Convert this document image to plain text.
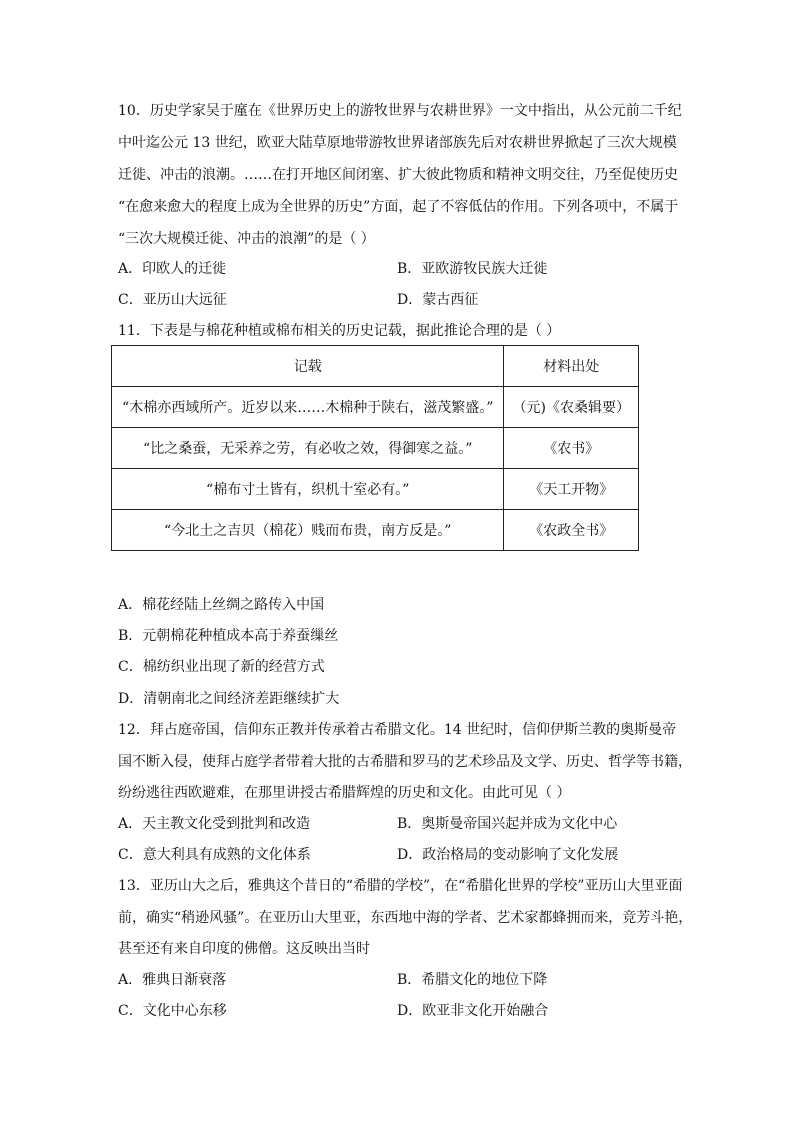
10．历史学家吴于廑在《世界历史上的游牧世界与农耕世界》一文中指出，从公元前二千纪
中叶迄公元 13 世纪，欧亚大陆草原地带游牧世界诸部族先后对农耕世界掀起了三次大规模
迁徙、冲击的浪潮。……在打开地区间闭塞、扩大彼此物质和精神文明交往，乃至促使历史
“在愈来愈大的程度上成为全世界的历史”方面，起了不容低估的作用。下列各项中，不属于
“三次大规模迁徙、冲击的浪潮”的是（ ）
A．印欧人的迁徙	B．亚欧游牧民族大迁徙
C．亚历山大远征	D．蒙古西征
11．下表是与棉花种植或棉布相关的历史记载，据此推论合理的是（ ）
记载	材料出处
“木棉亦西域所产。近岁以来……木棉种于陕右，滋茂繁盛。”	（元)《农桑辑要）
“比之桑蚕，无采养之劳，有必收之效，得御寒之益。”	《农书》
“棉布寸土皆有，织机十室必有。”	《天工开物》
“今北土之吉贝（棉花）贱而布贵，南方反是。”	《农政全书》
A．棉花经陆上丝绸之路传入中国
B．元朝棉花种植成本高于养蚕缫丝
C．棉纺织业出现了新的经营方式
D．清朝南北之间经济差距继续扩大
12．拜占庭帝国，信仰东正教并传承着古希腊文化。14 世纪时，信仰伊斯兰教的奥斯曼帝
国不断入侵，使拜占庭学者带着大批的古希腊和罗马的艺术珍品及文学、历史、哲学等书籍，
纷纷逃往西欧避难，在那里讲授古希腊辉煌的历史和文化。由此可见（ ）
A．天主教文化受到批判和改造	B．奥斯曼帝国兴起并成为文化中心
C．意大利具有成熟的文化体系	D．政治格局的变动影响了文化发展
13．亚历山大之后，雅典这个昔日的“希腊的学校”，在“希腊化世界的学校”亚历山大里亚面
前，确实“稍逊风骚”。在亚历山大里亚，东西地中海的学者、艺术家都蜂拥而来，竞芳斗艳，
甚至还有来自印度的佛僧。这反映出当时
A．雅典日渐衰落	B．希腊文化的地位下降
C．文化中心东移	D．欧亚非文化开始融合
